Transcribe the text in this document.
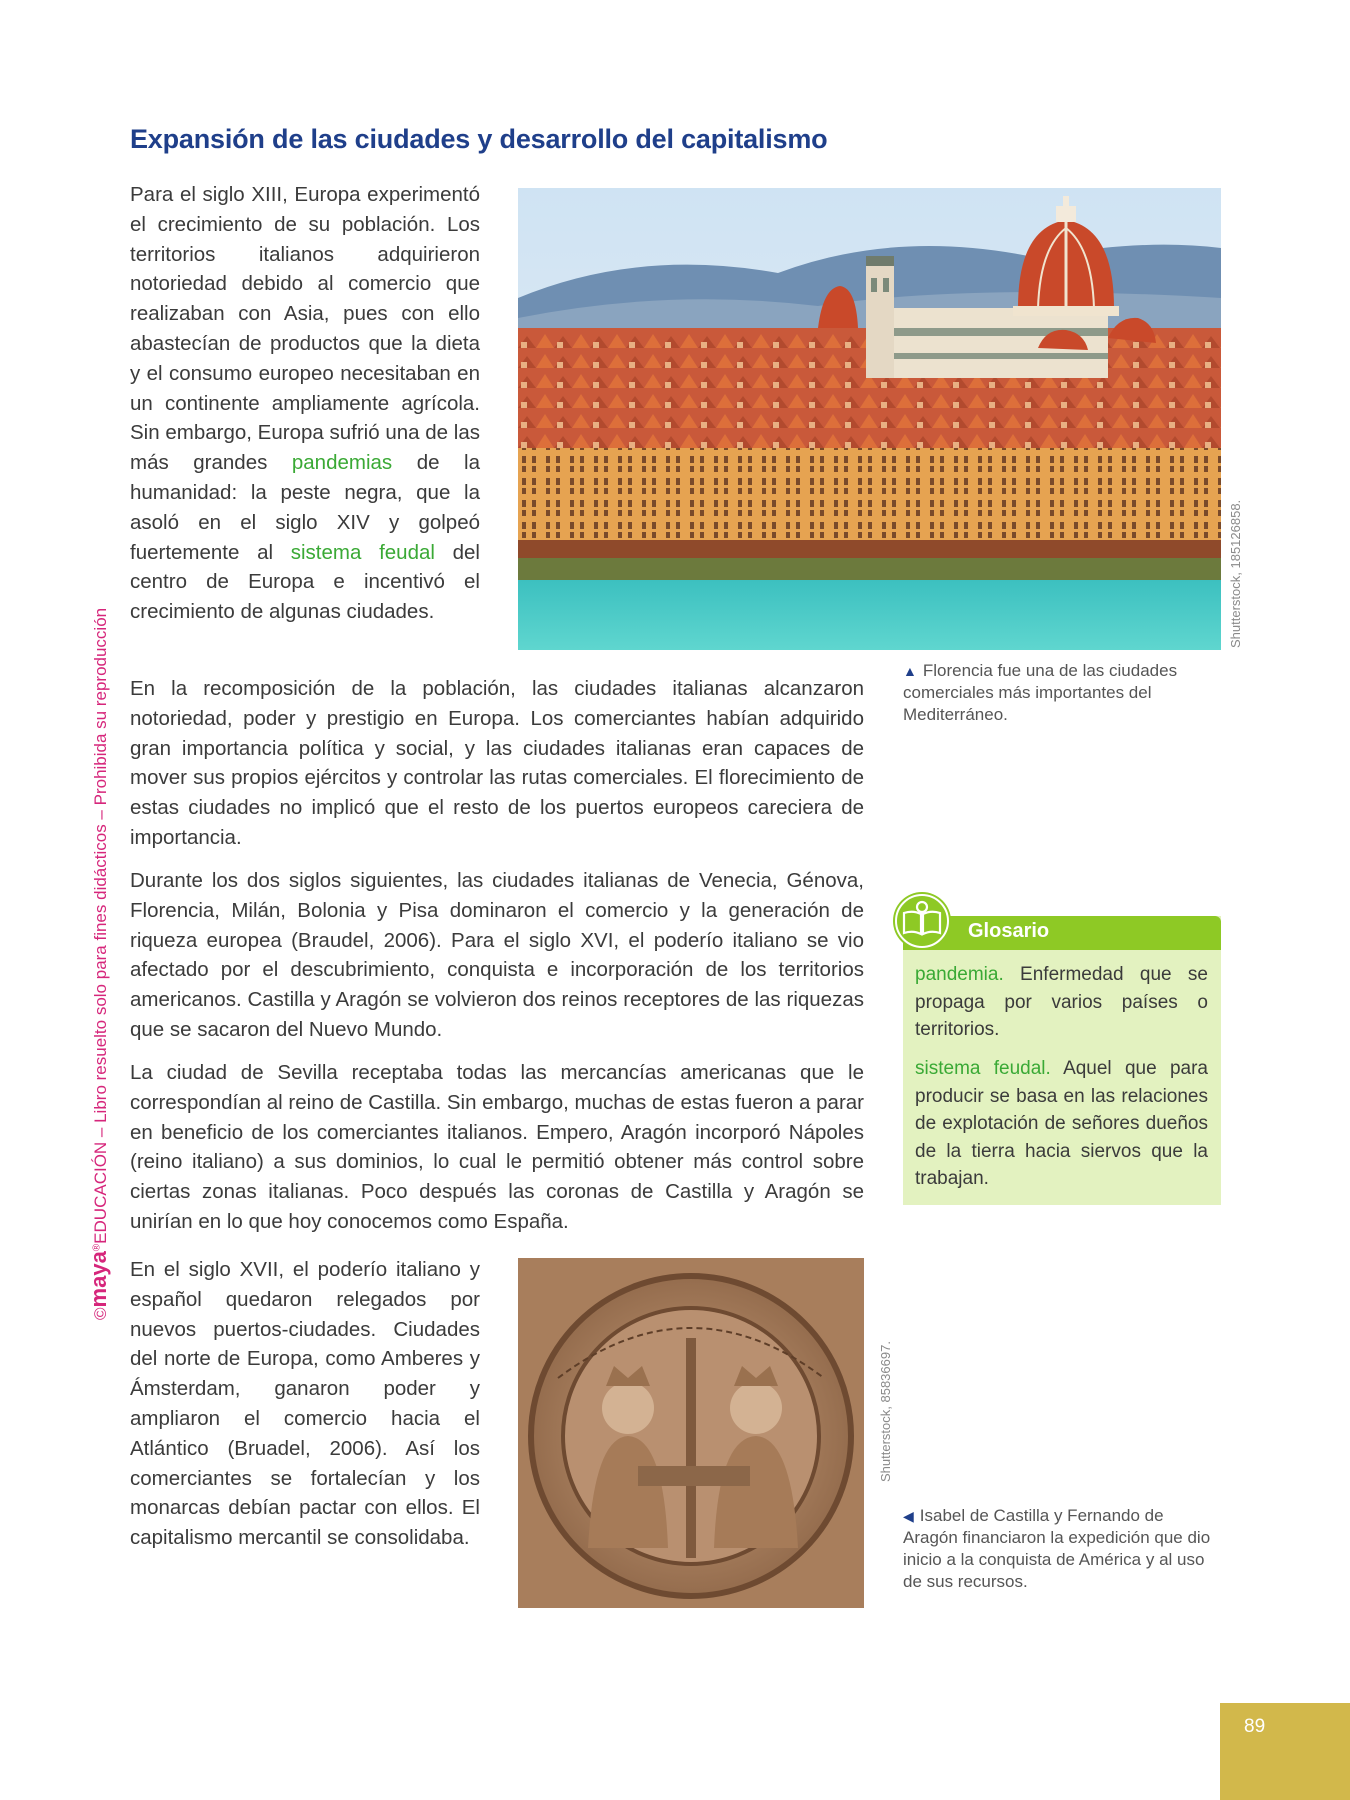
©maya®EDUCACIÓN – Libro resuelto solo para fines didácticos – Prohibida su reproducción
Expansión de las ciudades y desarrollo del capitalismo
Para el siglo XIII, Europa experimentó el crecimiento de su población. Los territorios italianos adquirieron notoriedad debido al comercio que realizaban con Asia, pues con ello abastecían de productos que la dieta y el consumo europeo necesitaban en un continente ampliamente agrícola. Sin embargo, Europa sufrió una de las más grandes pandemias de la humanidad: la peste negra, que la asoló en el siglo XIV y golpeó fuertemente al sistema feudal del centro de Europa e incentivó el crecimiento de algunas ciudades.	Shutterstock, 185126858.
▲ Florencia fue una de las ciudades comerciales más importantes del Mediterráneo.
En la recomposición de la población, las ciudades italianas alcanzaron notoriedad, poder y prestigio en Europa. Los comerciantes habían adquirido gran importancia política y social, y las ciudades italianas eran capaces de mover sus propios ejércitos y controlar las rutas comerciales. El florecimiento de estas ciudades no implicó que el resto de los puertos europeos careciera de importancia.
Durante los dos siglos siguientes, las ciudades italianas de Venecia, Génova, Florencia, Milán, Bolonia y Pisa dominaron el comercio y la generación de riqueza europea (Braudel, 2006). Para el siglo XVI, el poderío italiano se vio afectado por el descubrimiento, conquista e incorporación de los territorios americanos. Castilla y Aragón se volvieron dos reinos receptores de las riquezas que se sacaron del Nuevo Mundo.
La ciudad de Sevilla receptaba todas las mercancías americanas que le correspondían al reino de Castilla. Sin embargo, muchas de estas fueron a parar en beneficio de los comerciantes italianos. Empero, Aragón incorporó Nápoles (reino italiano) a sus dominios, lo cual le permitió obtener más control sobre ciertas zonas italianas. Poco después las coronas de Castilla y Aragón se unirían en lo que hoy conocemos como España.
Glosario
pandemia. Enfermedad que se propaga por varios países o territorios.
sistema feudal. Aquel que para producir se basa en las relaciones de explotación de señores dueños de la tierra hacia siervos que la trabajan.
En el siglo XVII, el poderío italiano y español quedaron relegados por nuevos puertos-ciudades. Ciudades del norte de Europa, como Amberes y Ámsterdam, ganaron poder y ampliaron el comercio hacia el Atlántico (Bruadel, 2006). Así los comerciantes se fortalecían y los monarcas debían pactar con ellos. El capitalismo mercantil se consolidaba.
Shutterstock, 85836697.
◀ Isabel de Castilla y Fernando de Aragón financiaron la expedición que dio inicio a la conquista de América y al uso de sus recursos.
89
